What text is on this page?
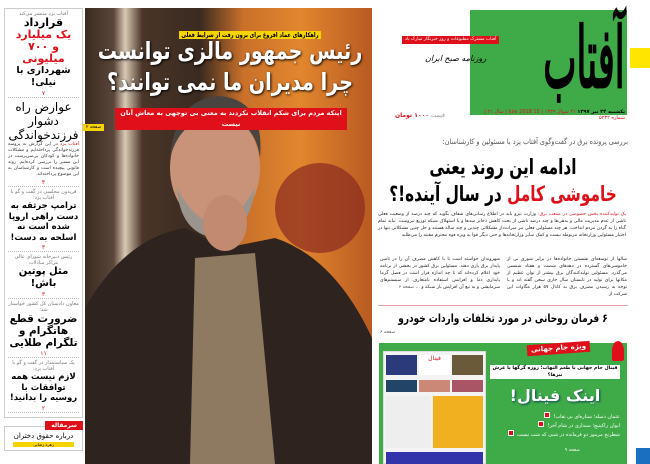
آفتاب یزد منتشر می‌کند
قرارداد
یک میلیارد
و ۷۰۰ میلیونی
شهرداری با نیلی!
۷
عوارض راه دشوار فرزندخواندگی
آفتاب یزد در این گزارش به پروسه فرزندخواندگی پرداخته‌ایم و مشکلات خانواده‌ها و کودکان بی‌سرپرست در این مسیر را بررسی کرده‌ایم. روند قانونی پیچیده است و کارشناسان به این موضوع پرداخته‌اند.
۴
فریدون مجلسی در گفت و گو با آفتاب یزد:
ترامپ جرثقه به دست راهی اروپا شده است نه اسلحه به دست!
۳
رئیس دبیرخانه شورای عالی مراکز مبادلات
مثل پوتین باش!
۳
معاون دادستان کل کشور خواستار شد:
ضرورت قطع هاتگرام و تلگرام طلایی
۱۱
یک سیاستمدار در گفت و گو با آفتاب یزد:
لازم نیست همه توافقات با روسیه را بدانید!
۲
سرمقاله
درباره حقوق دختران
زهره رضایی
راهکارهای عماد افروغ برای برون رفت از شرایط فعلی
رئیس جمهور مالزی توانست
چرا مدیران ما نمی توانند؟
اینکه مردم برای شکم انقلاب نکردند به معنی بی توجهی به معاش آنان نیست
صفحه ۲
آفتاب
آفتاب مشترک مطبوعات و روز خبرنگار مبارک باد
روزنامه صبح ایران
یکشنبه ۲۴ تیر ۱۳۹۷ ۲۱ شوال ۱۴۳۹ | 15 July 2018 | سال ۲۱ | شماره ۵۲۳۲
قیمت ۱۰۰۰ تومان
بررسی پرونده برق در گفت‌وگوی آفتاب یزد با مسئولین و کارشناسان:
ادامه این روند یعنی
خاموشی کامل در سال آینده!؟
یک تولیدکننده بخش خصوصی در صنعت برق: وزارت نیرو باید در اطلاع رسانی‌های شفاف بگوید که چند درصد از وضعیت فعلی ناشی از عدم مدیریت مالی و بدهی‌ها و چند درصد ناشی از بحث کاهش ذخایر سدها و یا استهلاک شبکه توزیع نیروست. نباید تمام گناه را به گردن مردم انداخت. هر چند مسئولین فعلی نیز میراث‌دار مشکلاتی چندین و چند ساله هستند و حل چنین مشکلاتی تنها در اختیار مسئولین وزارتخانه مربوطه نیست و کمک سایر وزارتخانه‌ها و حتی دیگر قوا به ویژه قوه محترم مقننه را می‌طلبد
سالها از توسعه‌ای نشستن خانواده‌ها در برابر شوری بی از خاموشی‌های گسترده در دهه‌های شصت و هفتاد شمسی می‌گذرد. مسئولین تولیدکنندگان برق بیشتر از توان عظیم از مکانها برای تولید در تابستان سال جاری سخن گفته اند و با توجه به رسیدن مصرف برق به کانال ۵۷ هزار مگاوات این شرکت از
شهروندان خواسته است تا با کاهش مصرف آن را در تامین پایدار برق یاری دهند. مسئولین برق کشور در بخشی از برنامه خود اعلام کرده‌اند که تا چه اندازه قرار است در فصل گرما پایداری دما و افزایش استفاده نامتعارف از سیستم‌های سرمایشی و به تبع آن افزایش بار شبکه و ... صفحه ۶
۶ فرمان روحانی در مورد تخلفات واردات خودرو
صفحه ۶
فینال
ویژه جام جهانی
فینال جام جهانی با طعم التهاب؛ زوزه گرگها یا غرش ببرها؟
اینک فینال!
عثمان دمبله؛ ستاره‌ای بی نقاب!
ایوان راکیتیچ؛ سنداری در شام آخر!
شطرنج مرموز دو فرمانده در شبی که شب نیست
صفحه ۹
